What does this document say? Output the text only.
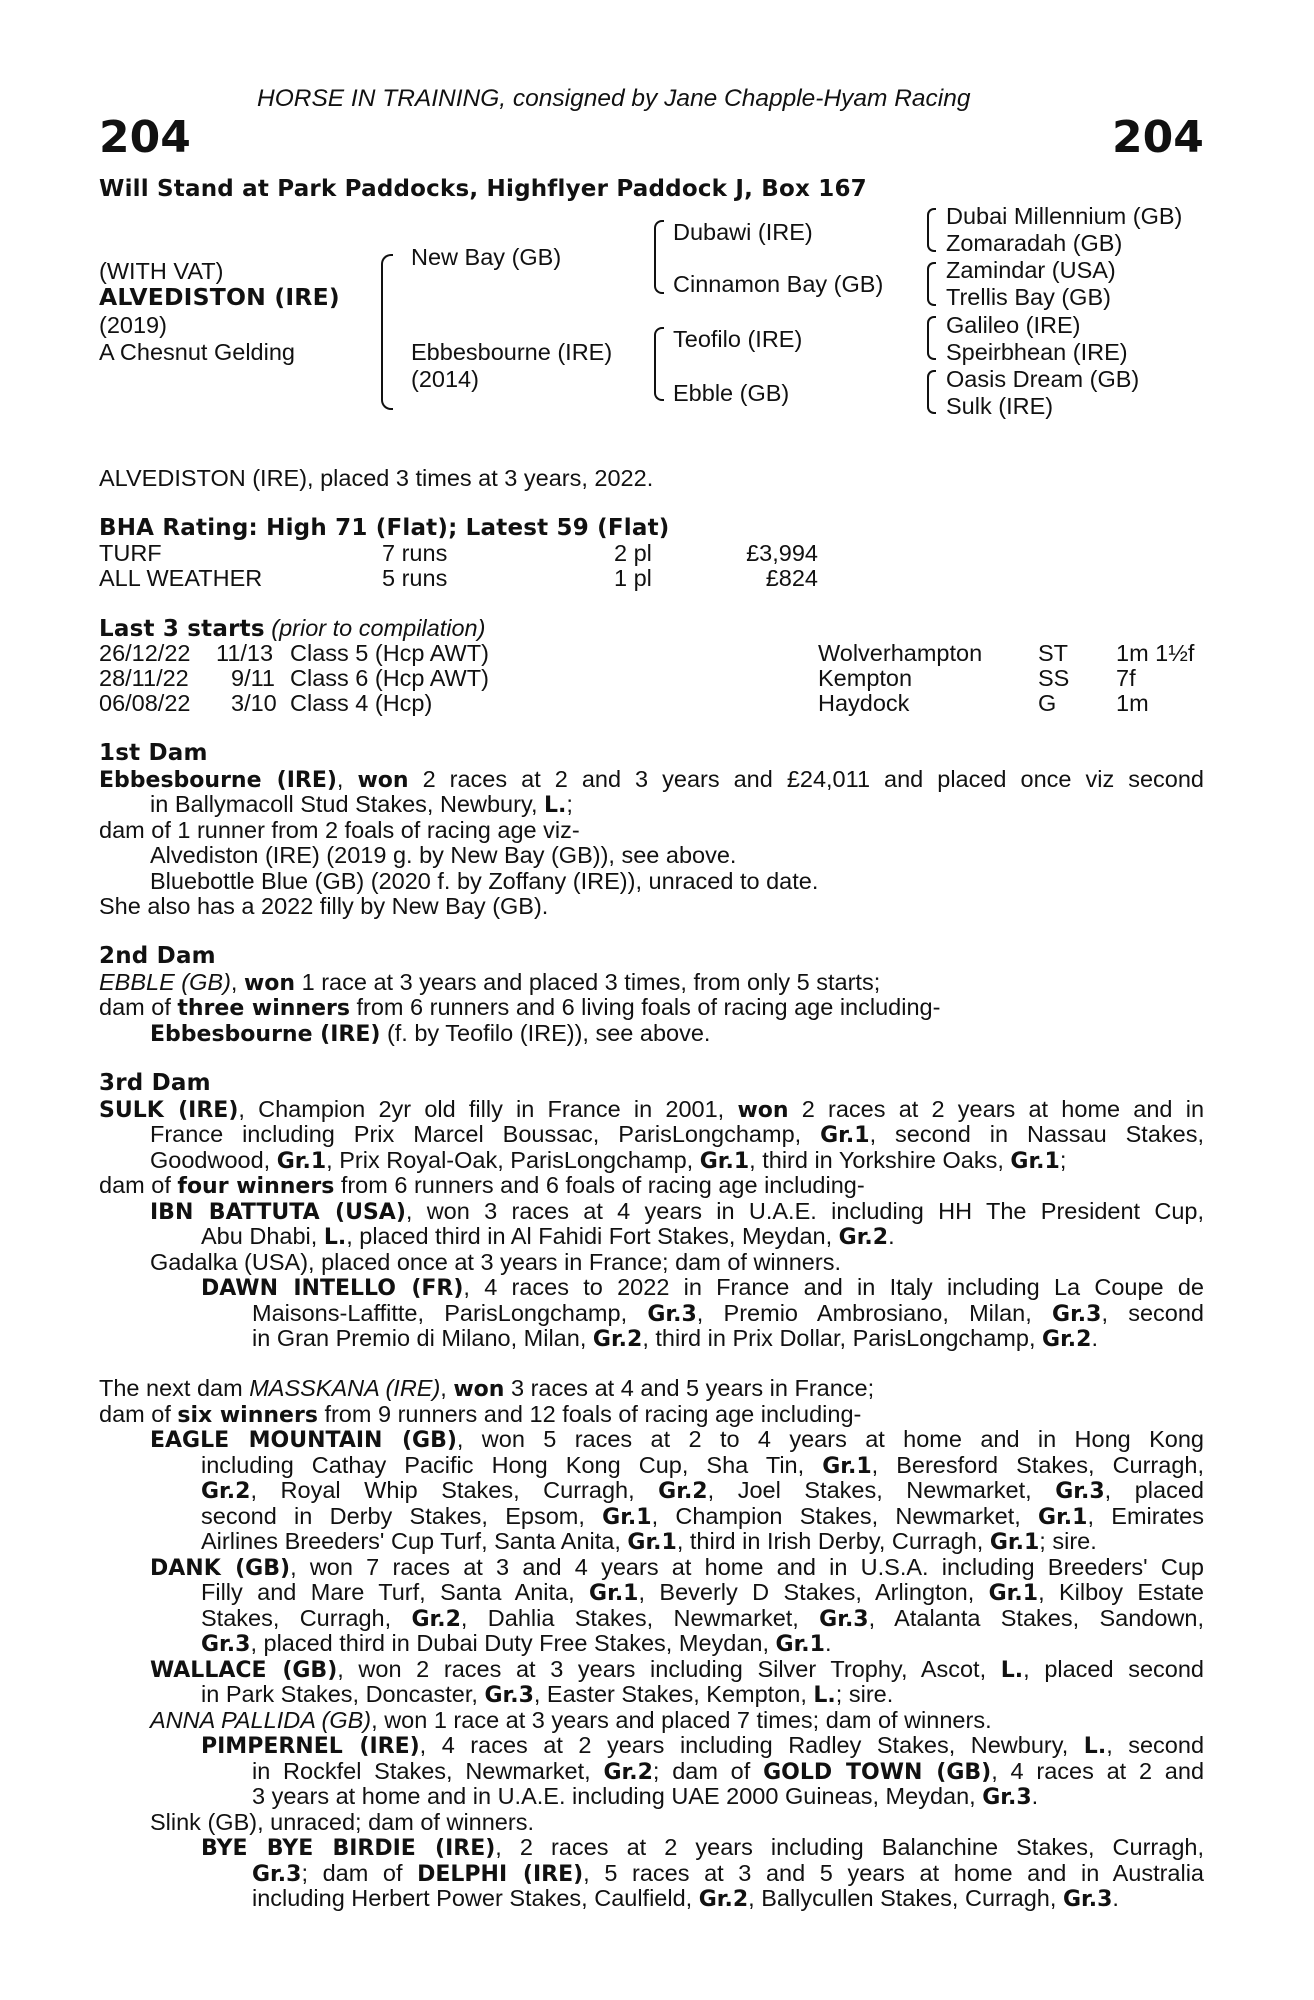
HORSE IN TRAINING, consigned by Jane Chapple-Hyam Racing
204	204
Will Stand at Park Paddocks, Highflyer Paddock J, Box 167
(WITH VAT)
ALVEDISTON (IRE)
(2019)
A Chesnut Gelding
New Bay (GB)
Ebbesbourne (IRE)
(2014)
Dubawi (IRE)
Cinnamon Bay (GB)
Teofilo (IRE)
Ebble (GB)
Dubai Millennium (GB)
Zomaradah (GB)
Zamindar (USA)
Trellis Bay (GB)
Galileo (IRE)
Speirbhean (IRE)
Oasis Dream (GB)
Sulk (IRE)
ALVEDISTON (IRE), placed 3 times at 3 years, 2022.
BHA Rating: High 71 (Flat); Latest 59 (Flat)
TURF	7 runs	2 pl	£3,994
ALL WEATHER	5 runs	1 pl	£824
Last 3 starts (prior to compilation)
26/12/22 11/13 Class 5 (Hcp AWT)	Wolverhampton ST 1m 1½f
28/11/22 9/11 Class 6 (Hcp AWT)	Kempton	SS 7f
06/08/22 3/10 Class 4 (Hcp)	Haydock	G	1m
1st Dam
Ebbesbourne (IRE), won 2 races at 2 and 3 years and £24,011 and placed once viz second
in Ballymacoll Stud Stakes, Newbury, L.;
dam of 1 runner from 2 foals of racing age viz-
Alvediston (IRE) (2019 g. by New Bay (GB)), see above.
Bluebottle Blue (GB) (2020 f. by Zoffany (IRE)), unraced to date.
She also has a 2022 filly by New Bay (GB).
2nd Dam
EBBLE (GB), won 1 race at 3 years and placed 3 times, from only 5 starts;
dam of three winners from 6 runners and 6 living foals of racing age including-
Ebbesbourne (IRE) (f. by Teofilo (IRE)), see above.
3rd Dam
SULK (IRE), Champion 2yr old filly in France in 2001, won 2 races at 2 years at home and in
France including Prix Marcel Boussac, ParisLongchamp, Gr.1, second in Nassau Stakes,
Goodwood, Gr.1, Prix Royal-Oak, ParisLongchamp, Gr.1, third in Yorkshire Oaks, Gr.1;
dam of four winners from 6 runners and 6 foals of racing age including-
IBN BATTUTA (USA), won 3 races at 4 years in U.A.E. including HH The President Cup,
Abu Dhabi, L., placed third in Al Fahidi Fort Stakes, Meydan, Gr.2.
Gadalka (USA), placed once at 3 years in France; dam of winners.
DAWN INTELLO (FR), 4 races to 2022 in France and in Italy including La Coupe de
Maisons-Laffitte, ParisLongchamp, Gr.3, Premio Ambrosiano, Milan, Gr.3, second
in Gran Premio di Milano, Milan, Gr.2, third in Prix Dollar, ParisLongchamp, Gr.2.
The next dam MASSKANA (IRE), won 3 races at 4 and 5 years in France;
dam of six winners from 9 runners and 12 foals of racing age including-
EAGLE MOUNTAIN (GB), won 5 races at 2 to 4 years at home and in Hong Kong
including Cathay Pacific Hong Kong Cup, Sha Tin, Gr.1, Beresford Stakes, Curragh,
Gr.2, Royal Whip Stakes, Curragh, Gr.2, Joel Stakes, Newmarket, Gr.3, placed
second in Derby Stakes, Epsom, Gr.1, Champion Stakes, Newmarket, Gr.1, Emirates
Airlines Breeders' Cup Turf, Santa Anita, Gr.1, third in Irish Derby, Curragh, Gr.1; sire.
DANK (GB), won 7 races at 3 and 4 years at home and in U.S.A. including Breeders' Cup
Filly and Mare Turf, Santa Anita, Gr.1, Beverly D Stakes, Arlington, Gr.1, Kilboy Estate
Stakes, Curragh, Gr.2, Dahlia Stakes, Newmarket, Gr.3, Atalanta Stakes, Sandown,
Gr.3, placed third in Dubai Duty Free Stakes, Meydan, Gr.1.
WALLACE (GB), won 2 races at 3 years including Silver Trophy, Ascot, L., placed second
in Park Stakes, Doncaster, Gr.3, Easter Stakes, Kempton, L.; sire.
ANNA PALLIDA (GB), won 1 race at 3 years and placed 7 times; dam of winners.
PIMPERNEL (IRE), 4 races at 2 years including Radley Stakes, Newbury, L., second
in Rockfel Stakes, Newmarket, Gr.2; dam of GOLD TOWN (GB), 4 races at 2 and
3 years at home and in U.A.E. including UAE 2000 Guineas, Meydan, Gr.3.
Slink (GB), unraced; dam of winners.
BYE BYE BIRDIE (IRE), 2 races at 2 years including Balanchine Stakes, Curragh,
Gr.3; dam of DELPHI (IRE), 5 races at 3 and 5 years at home and in Australia
including Herbert Power Stakes, Caulfield, Gr.2, Ballycullen Stakes, Curragh, Gr.3.
